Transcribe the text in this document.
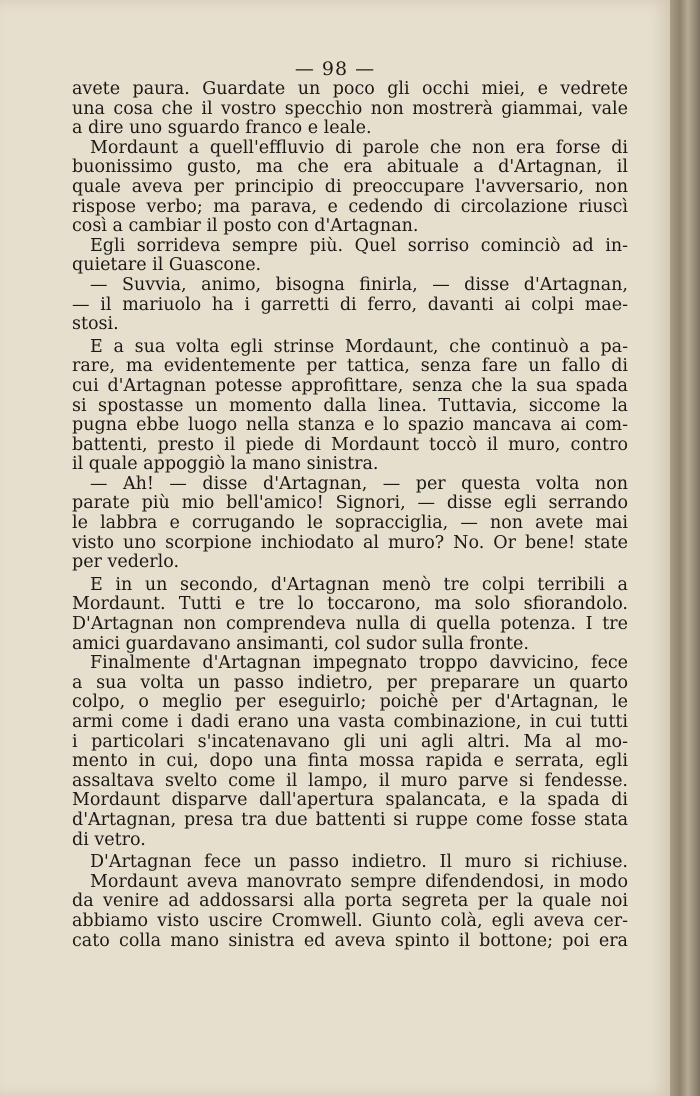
— 98 —
avete paura. Guardate un poco gli occhi miei, e vedrete
una cosa che il vostro specchio non mostrerà giammai, vale
a dire uno sguardo franco e leale.
Mordaunt a quell'effluvio di parole che non era forse di
buonissimo gusto, ma che era abituale a d'Artagnan, il
quale aveva per principio di preoccupare l'avversario, non
rispose verbo; ma parava, e cedendo di circolazione riuscì
così a cambiar il posto con d'Artagnan.
Egli sorrideva sempre più. Quel sorriso cominciò ad in-
quietare il Guascone.
— Suvvia, animo, bisogna finirla, — disse d'Artagnan,
— il mariuolo ha i garretti di ferro, davanti ai colpi mae-
stosi.
E a sua volta egli strinse Mordaunt, che continuò a pa-
rare, ma evidentemente per tattica, senza fare un fallo di
cui d'Artagnan potesse approfittare, senza che la sua spada
si spostasse un momento dalla linea. Tuttavia, siccome la
pugna ebbe luogo nella stanza e lo spazio mancava ai com-
battenti, presto il piede di Mordaunt toccò il muro, contro
il quale appoggiò la mano sinistra.
— Ah! — disse d'Artagnan, — per questa volta non
parate più mio bell'amico! Signori, — disse egli serrando
le labbra e corrugando le sopracciglia, — non avete mai
visto uno scorpione inchiodato al muro? No. Or bene! state
per vederlo.
E in un secondo, d'Artagnan menò tre colpi terribili a
Mordaunt. Tutti e tre lo toccarono, ma solo sfiorandolo.
D'Artagnan non comprendeva nulla di quella potenza. I tre
amici guardavano ansimanti, col sudor sulla fronte.
Finalmente d'Artagnan impegnato troppo davvicino, fece
a sua volta un passo indietro, per preparare un quarto
colpo, o meglio per eseguirlo; poichè per d'Artagnan, le
armi come i dadi erano una vasta combinazione, in cui tutti
i particolari s'incatenavano gli uni agli altri. Ma al mo-
mento in cui, dopo una finta mossa rapida e serrata, egli
assaltava svelto come il lampo, il muro parve si fendesse.
Mordaunt disparve dall'apertura spalancata, e la spada di
d'Artagnan, presa tra due battenti si ruppe come fosse stata
di vetro.
D'Artagnan fece un passo indietro. Il muro si richiuse.
Mordaunt aveva manovrato sempre difendendosi, in modo
da venire ad addossarsi alla porta segreta per la quale noi
abbiamo visto uscire Cromwell. Giunto colà, egli aveva cer-
cato colla mano sinistra ed aveva spinto il bottone; poi era
